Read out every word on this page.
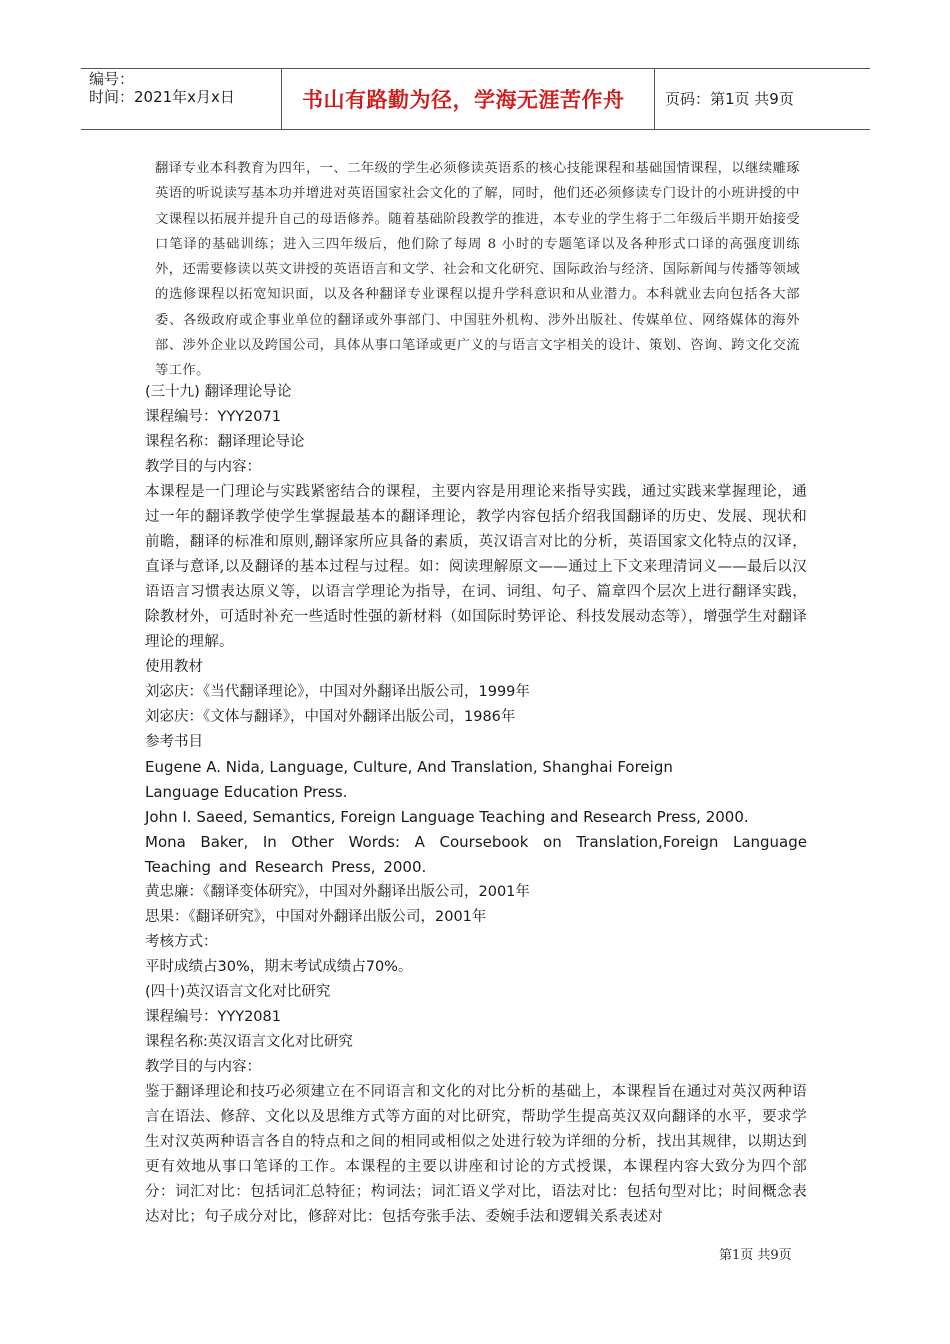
编号：
时间：2021年x月x日	书山有路勤为径，学海无涯苦作舟	页码：第1页 共9页
翻译专业本科教育为四年，一、二年级的学生必须修读英语系的核心技能课程和基础国情课程，以继续雕琢英语的听说读写基本功并增进对英语国家社会文化的了解，同时，他们还必须修读专门设计的小班讲授的中文课程以拓展并提升自己的母语修养。随着基础阶段教学的推进，本专业的学生将于二年级后半期开始接受口笔译的基础训练；进入三四年级后，他们除了每周 8 小时的专题笔译以及各种形式口译的高强度训练外，还需要修读以英文讲授的英语语言和文学、社会和文化研究、国际政治与经济、国际新闻与传播等领域的选修课程以拓宽知识面，以及各种翻译专业课程以提升学科意识和从业潜力。本科就业去向包括各大部委、各级政府或企事业单位的翻译或外事部门、中国驻外机构、涉外出版社、传媒单位、网络媒体的海外部、涉外企业以及跨国公司，具体从事口笔译或更广义的与语言文字相关的设计、策划、咨询、跨文化交流等工作。

(三十九) 翻译理论导论

课程编号：YYY2071

课程名称：翻译理论导论

教学目的与内容：

本课程是一门理论与实践紧密结合的课程，主要内容是用理论来指导实践，通过实践来掌握理论，通过一年的翻译教学使学生掌握最基本的翻译理论，教学内容包括介绍我国翻译的历史、发展、现状和前瞻，翻译的标准和原则,翻译家所应具备的素质，英汉语言对比的分析，英语国家文化特点的汉译，直译与意译,以及翻译的基本过程与过程。如：阅读理解原文——通过上下文来理清词义——最后以汉语语言习惯表达原义等，以语言学理论为指导，在词、词组、句子、篇章四个层次上进行翻译实践，除教材外，可适时补充一些适时性强的新材料（如国际时势评论、科技发展动态等），增强学生对翻译理论的理解。

使用教材

刘宓庆：《当代翻译理论》，中国对外翻译出版公司，1999年

刘宓庆：《文体与翻译》，中国对外翻译出版公司，1986年

参考书目

Eugene A. Nida, Language, Culture, And Translation, Shanghai Foreign Language Education Press.

John I. Saeed, Semantics, Foreign Language Teaching and Research Press, 2000.

Mona Baker, In Other Words: A Coursebook on Translation,Foreign Language Teaching and Research Press, 2000.

黄忠廉：《翻译变体研究》，中国对外翻译出版公司，2001年

思果：《翻译研究》，中国对外翻译出版公司，2001年

考核方式：

平时成绩占30%，期末考试成绩占70%。

(四十)英汉语言文化对比研究

课程编号：YYY2081

课程名称:英汉语言文化对比研究

教学目的与内容：

鉴于翻译理论和技巧必须建立在不同语言和文化的对比分析的基础上，本课程旨在通过对英汉两种语言在语法、修辞、文化以及思维方式等方面的对比研究，帮助学生提高英汉双向翻译的水平，要求学生对汉英两种语言各自的特点和之间的相同或相似之处进行较为详细的分析，找出其规律，以期达到更有效地从事口笔译的工作。本课程的主要以讲座和讨论的方式授课，本课程内容大致分为四个部分：词汇对比：包括词汇总特征；构词法；词汇语义学对比，语法对比：包括句型对比；时间概念表达对比；句子成分对比，修辞对比：包括夸张手法、委婉手法和逻辑关系表述对

第1页 共9页
